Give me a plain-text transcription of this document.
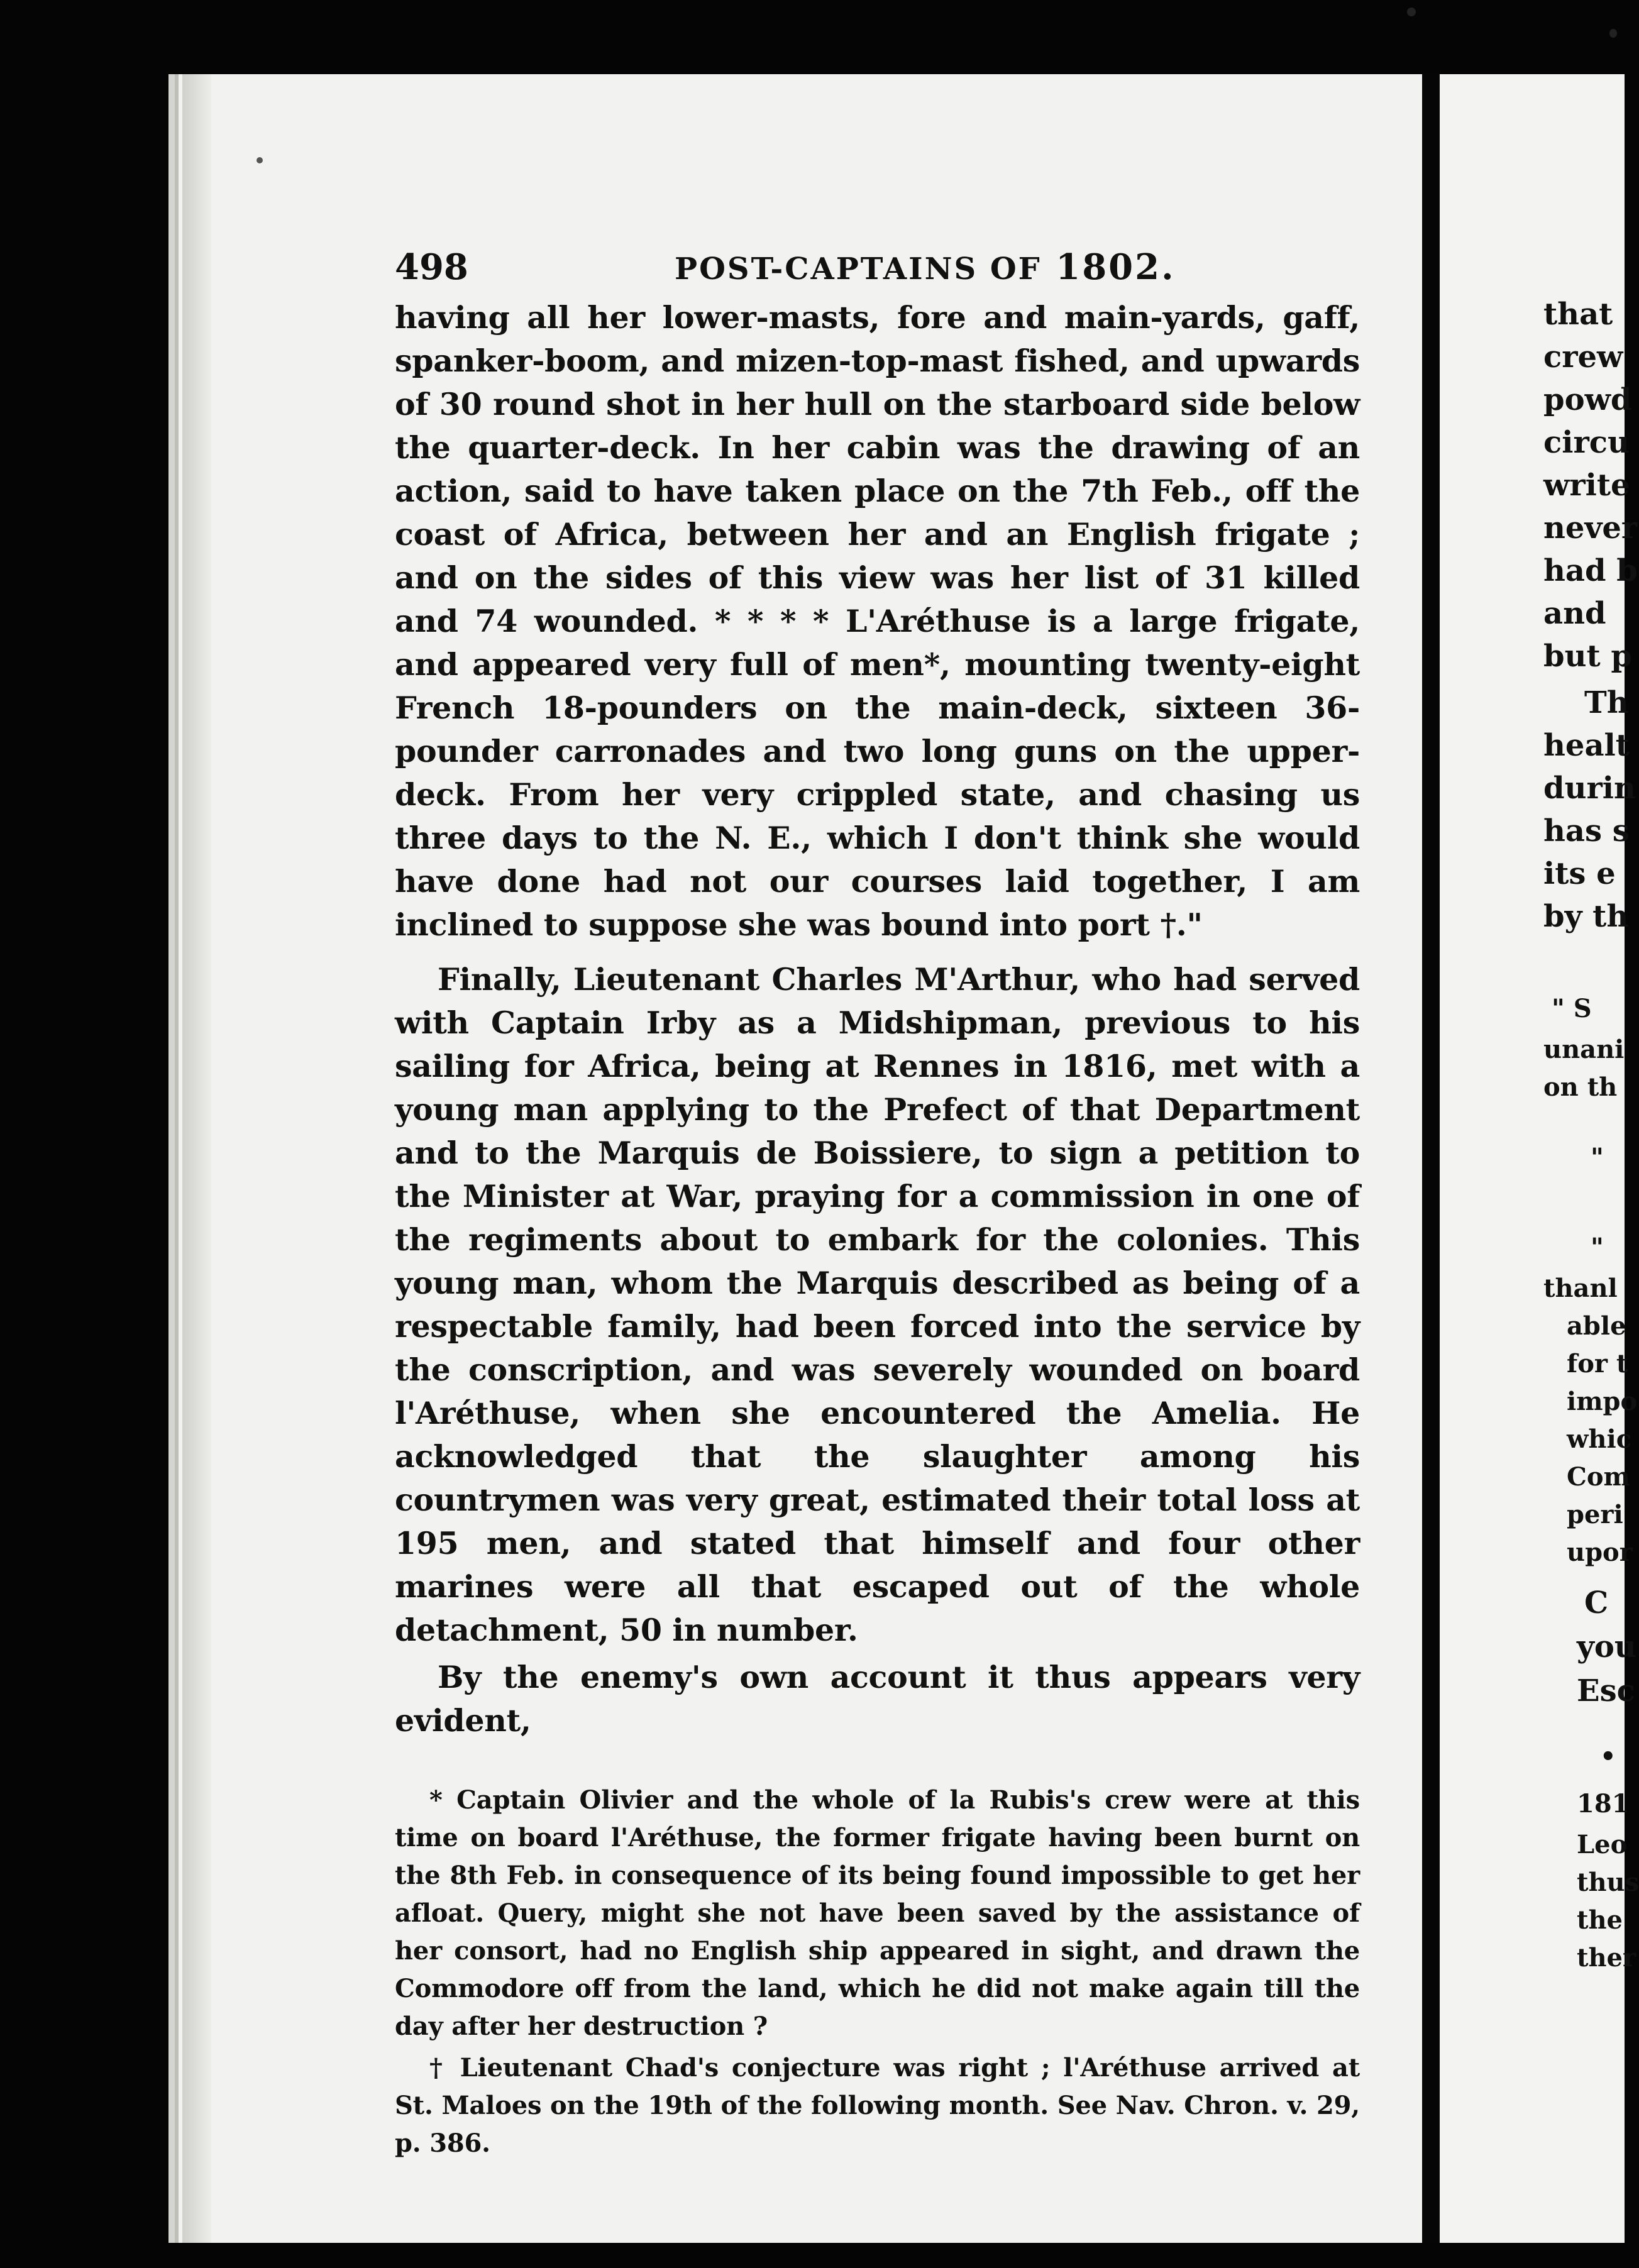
498	POST-CAPTAINS OF 1802.

having all her lower-masts, fore and main-yards, gaff, spanker-boom, and mizen-top-mast fished, and upwards of 30 round shot in her hull on the starboard side below the quarter-deck. In her cabin was the drawing of an action, said to have taken place on the 7th Feb., off the coast of Africa, between her and an English frigate ; and on the sides of this view was her list of 31 killed and 74 wounded. * * * * L'Aréthuse is a large frigate, and appeared very full of men*, mounting twenty-eight French 18-pounders on the main-deck, sixteen 36-pounder carronades and two long guns on the upper-deck. From her very crippled state, and chasing us three days to the N. E., which I don't think she would have done had not our courses laid together, I am inclined to suppose she was bound into port †."

Finally, Lieutenant Charles M'Arthur, who had served with Captain Irby as a Midshipman, previous to his sailing for Africa, being at Rennes in 1816, met with a young man applying to the Prefect of that Department and to the Marquis de Boissiere, to sign a petition to the Minister at War, praying for a commission in one of the regiments about to embark for the colonies. This young man, whom the Marquis described as being of a respectable family, had been forced into the service by the conscription, and was severely wounded on board l'Aréthuse, when she encountered the Amelia. He acknowledged that the slaughter among his countrymen was very great, estimated their total loss at 195 men, and stated that himself and four other marines were all that escaped out of the whole detachment, 50 in number.

By the enemy's own account it thus appears very evident,

* Captain Olivier and the whole of la Rubis's crew were at this time on board l'Aréthuse, the former frigate having been burnt on the 8th Feb. in consequence of its being found impossible to get her afloat. Query, might she not have been saved by the assistance of her consort, had no English ship appeared in sight, and drawn the Commodore off from the land, which he did not make again till the day after her destruction ?

† Lieutenant Chad's conjecture was right ; l'Aréthuse arrived at St. Maloes on the 19th of the following month. See Nav. Chron. v. 29, p. 386.

that
crew
powd
circu
write
never
had b
and
but p
Th
healt
durin
has s
its e
by th
" S
unani
on th
"
"
thanl
able
for t
impo
whic
Com
peri
upor
C
you
Esc
•
181
Leo
thus
the
ther
